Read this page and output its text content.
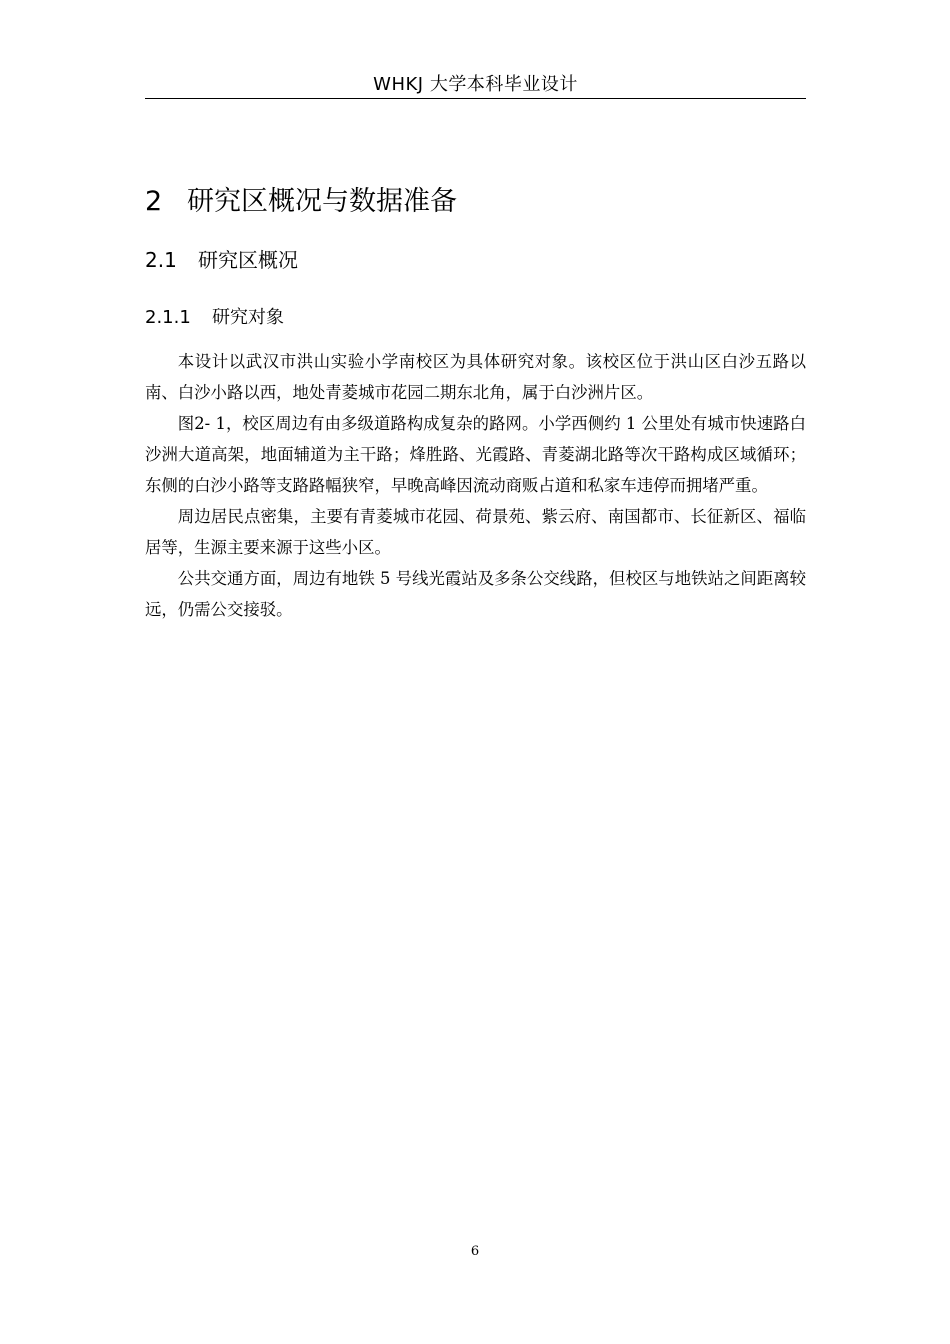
WHKJ 大学本科毕业设计
2 研究区概况与数据准备
2.1 研究区概况
2.1.1 研究对象

本设计以武汉市洪山实验小学南校区为具体研究对象。该校区位于洪山区白沙五路以南、白沙小路以西，地处青菱城市花园二期东北角，属于白沙洲片区。

图2- 1，校区周边有由多级道路构成复杂的路网。小学西侧约 1 公里处有城市快速路白沙洲大道高架，地面辅道为主干路；烽胜路、光霞路、青菱湖北路等次干路构成区域循环；东侧的白沙小路等支路路幅狭窄，早晚高峰因流动商贩占道和私家车违停而拥堵严重。

周边居民点密集，主要有青菱城市花园、荷景苑、紫云府、南国都市、长征新区、福临居等，生源主要来源于这些小区。

公共交通方面，周边有地铁 5 号线光霞站及多条公交线路，但校区与地铁站之间距离较远，仍需公交接驳。

6
